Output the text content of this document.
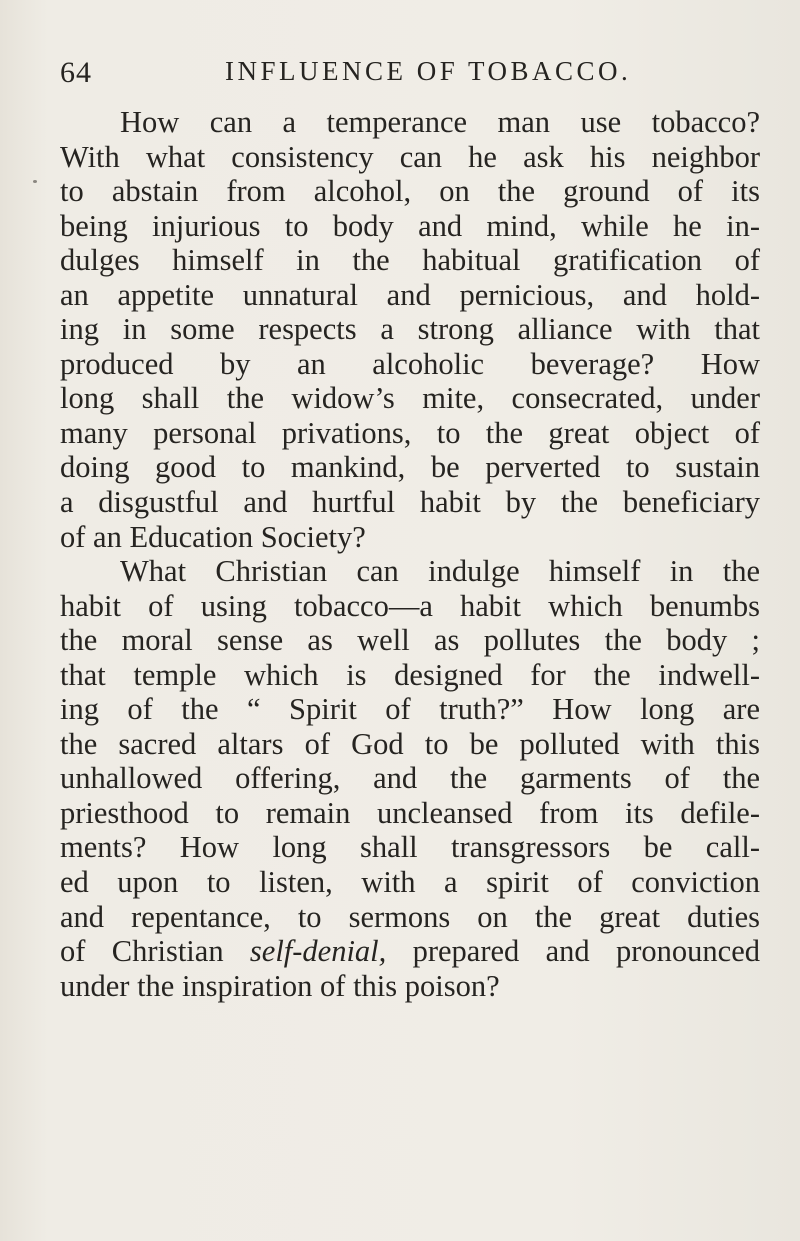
64	INFLUENCE OF TOBACCO.
How can a temperance man use tobacco?
With what consistency can he ask his neighbor
to abstain from alcohol, on the ground of its
being injurious to body and mind, while he in-
dulges himself in the habitual gratification of
an appetite unnatural and pernicious, and hold-
ing in some respects a strong alliance with that
produced by an alcoholic beverage? How
long shall the widow’s mite, consecrated, under
many personal privations, to the great object of
doing good to mankind, be perverted to sustain
a disgustful and hurtful habit by the beneficiary
of an Education Society?
What Christian can indulge himself in the
habit of using tobacco—a habit which benumbs
the moral sense as well as pollutes the body ;
that temple which is designed for the indwell-
ing of the “ Spirit of truth?” How long are
the sacred altars of God to be polluted with this
unhallowed offering, and the garments of the
priesthood to remain uncleansed from its defile-
ments? How long shall transgressors be call-
ed upon to listen, with a spirit of conviction
and repentance, to sermons on the great duties
of Christian self-denial, prepared and pronounced
under the inspiration of this poison?
